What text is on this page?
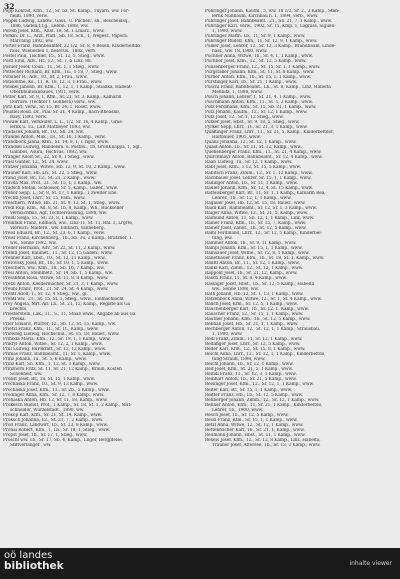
32
Popp Konrad, Kfm., 12., Sr. 53, St. Kamp., Tuyarn, ww. For-
heißl, 1890, verw.
Poppel Ludwig, Landw., Gaul., U. Puchen', sh., Bescheidsq.,
1886, Gaden.t.t.g., Lebbn. 1888, ww.
Poreib Josef, Kfm., Altst. 18, St. 1 Lmarz., www.
Porkin. Dr. L., Arzt, Pfäff., Sb. 18, Sch., 1, Wegesr., Papora.
Marching 1892, ww.
Porter Franz, Bahnbeamter, 22 1/2, Sr. 8, 4 Besen, Kinderbeltdo
raus, Wiebesteil 1, nesevus., 1882, verb.
Postel Paul, Tischler, 15., St. 12, 5, Stieg., www.
Postl Emil, Adv., Hf., 12., St. 7, 5 Linz, 88.
Posuer Josef, Coun., 11., St. 1, 1 Stieg., www.
Pottecher Richard, Br. Kfm., 1u., 1 18, 7, Stieg., www.
Potsiher R., Adv., 10., 8f, 2, Frau., www.
Potisonthe, Ks., 11. R. 18, 12, 3, 1 Frau., www.
Potsbel Jahonn, Br. Kfm., 1, 12, 1, 1 Kamp., Stianka, Habeat-
Oberbbunisanbaues, 1911, verw.
Potter Karl, Sr. 9, 1, Kfm., Sr. 21, Sr. 3, Kamp., Kamarin
Dorrare. (Tochter f. Gonnera) verw., ww.
Potz Karl, Verw., Sr. 15, Br. 24, 1, Roser, www.
Poudlel Rosd. Dr., Plai. Sr. 21, 4 Kamp., Bach-Rheasnb,
Bavy, 1893, verw.
Powale Karl, Verkaufer, L. L., 1/2, Sr. 16, 4 Kamp., Grüs-
lerkk u. 1u., Luft Mattleyer 1893, ww.
Prädacek Johann, Br., 10., Sb. 24, ww.
Prandel Anton, Mak., 18., St. 16, 1 Kamp., verw.
Prandböck Janna, Kfm., St. 14, 8, 1, 1 ziger, www.
Prandsel Ludwig, Handelsm. u. Postbü., 1b, GroßKnappa, 1, Sgl.,
Gallibos, Asura, Teichvas, 1892, ww.
Pranger Adolf, Sr., 22, Sr. 9, 1 Stieg., www.
Prasl Gunter, 12., St. 24, www.
Pratzer Johanna, Witwe, Hb. 12, 9, St. 10, 2 Kamp., www.
Prauner Karl, Hb. Lh., St. 22, 5 Stieg., www.
Prand Josef, Br., 12., St. 21, 2 Kamp., www.
Pravda Max, Prof., 21., St. 15, 1, 1 Kamp., ww.
Pradsch Stefan, Schlosser, Sr. 5, Kamp., Gaßer., www.
Prebor Sepp, L., Sr. 8, St. 17, 1 Kamp., 1 zweiter Ehe.
Prechtl Josef, Lhrr., Sr. 15, Fam., www.
Preschern, Witwe, Hb. 21, St. 9, 13, St. 1, Stieg., www.
Predl Rup. Kfm., Ad. 8, St. 1b, 8, Kamp., Wb., Ruckseller
Vermächtnis, Agt, Tochtervassung, 1898, ww.
Preidl Sonja, 15., St. 23, 8, 1 Kamp., www.
Preinfalk Franz, Edlbach, ww., Linz-11, St. 11, Rnl. 3, Lrgrte,
Viereich. Maltere., ww. Edlbach, Vanneberg.
Preisl Eduard, Br., 12., St. 23, 6, 1 Kamp., verw.
Preisl Franz, Kirchenberg., 1b., Sb. 3u, 2 Kamp., Bratzner, 1.
ww., Sonne 1892, ww.
Preller Hermann, Adv., Sr. 22, St. 11, 2 Kamp., www.
Premtl Josef, Baumet., 11., Sr. 12, 15 Gaden., www.
Prenner Karl, Lbst., 10., St. 12, 11 Kamp., www.
Prerovsky Josef, Br., 1b., Sr. 10, 1, 5 Kamp., www.
Preschern, ww., Kfm., 18., Sb. 16, 7 Kamp., ww.
Presl Anton, Steinmetz., Sr. 14, Sb. 1, 5 Kamp., ww.
Pressbhnd Rosa, Witwe, St. 11, 8, 8 Kamp., www.
Pretzl Anton, Kleidermacher, Sr. 21, 3, 1 Kamp., www.
Preuhl Franz, Prof., 21, Sr. 24, St. 4 Kamp., www.
Prentl Adolf, 1., Sr. 12, 4 Stieg., ww., gl.
Prentl ww., 21., St. 15, St. 1, Stieg., www., Einmachlacht
Prey Angela, Mrt. Ad. Ln., St. 21, 12, Kamp., Registe als Ga
brechts.
Priesterstein, Lak., 11., S., 11, Staab www., Angabe ab aus Ga
Preska.
Prier Eduard, Pfarrer, 12., Sb. 12, St. 15, Kamp., ww.
Prietzl Franz, Kfm., 11., St. 1t., Kamp., www.
Priewnig Ludwig, Hochschul., St. 15, 18, Bauer., www.
Prihoda Maria, Kfm., 12., Sr. 19, 1, 1 Kamp., www.
Prikryl Anton, Witbe., Sr. 12, 2, 1 Kamp., www.
Prill Ludwig, Bürokraft., Sr. 12, 12 Kamp., www.
Primas Franz, Bahnbeamt., 11, Sr. 1, Kamp., www.
Prinz Johann, 1u., St. 5, 6 Kamp., www.
Prinz Karl, Sn. Kfm., 1, 12, St. 3 Kamp., www.
Prinzhorn Fritz, St. 11, Sr. 21, 12 Kamp., Braun, Kosten
Schönheit, ww.
Probst Josef, Br., 18, St. 15, 1 Kamp., www.
Prochaska Franz, 10., St. 9, 13 Kamp., www.
Prochaska Josef, Kfm., 11., Sr. 2b., 5 Kamp., www.
Prodinger Anna, Kfm., Sr. 12, 7, 8 Kamp., www.
Prohaska Anton, Hb. 12, Sr. 11, 18, Kamp., www.
Prokesch Rudolf, Prof., 1 Kamp., Sr. 18, St. 1, 2 Kamp., Mut-
schneider, Wurzelstadt., 1890, ww.
Prokop Karl, Kfm., Sr. 21, St. 14, Kamp., www.
Proksch Johanna, 12., St. 21, 7, 2 Kamp., www.
Proll Franz, Landwirt, 1b., St. 23, 8 Kamp., www.
Pronai Robert, Kfm., 1, Lb., Sr. 18, 1, Stieg., www.
Propst Josef, 1b., Sr. 17, 1, Stieg., www.
Proschl ww. 1b., Sr. 17, Sb. 4, Kamp., Lnger, Bergpfeise,
Stiftverlänger., ww.
Pühringer Johann, Kaufm., 5, ww. 18 1/2, Sr. 2., 3 Kamp., Stah-
lerhk Nußbaum, Kirchbau n. 1, 1894, verb., www.
Pühringer Josef, Bahnbeamt., 21., Sb. 21, 7, 1 Kamp., www.
Pühringer Karl, Verw., 1902, Sr. 15, Kmp. 1, Lagrass, Siguen-
1, 1900, www.
Pühringer Matth. Lb., 11, Sr. 9, 1 Kamp., www.
Pühringer Rudolf, Kfm., 11, Sr. 12, 9, 1 Kamp., www.
Pulker Josef, Lehrer, 12., Sr. 12, 3 Kamp., Brandbaum, Linde-
nast., ww. 18, 1900, www.
Puchner Anna, Witwe, 1b., Sr. 4, 1, 1 Kamp., www.
Puchner Josef, Kfm., 12., St. 12, 5 Kamp., www.
Punzenberger Franz, 12., St. 15, Sr. 1, 1 Kamp., www.
Purgstaller Johann, Kfm., St. 11, St. 8 Kamp., www.
Purner Anton, Kfm., 1b., St. 15, 1, 1 Kamp., www.
Pürstinger Karl, 1b., Sr. 21, 1 Kamp., www.
Püschl Franz, Bahnbeamt., Lh., St. 8, Kamp., Linz, Habelta
Mehnitz, 1, 1898, www.
Pusch Johann, Lehrer, 1, St. 21, 4, 1 Kamp., www.
Puschmann Anton, Kfm., 11., St. 1, 2 Kamp., www.
Putz Ferdinand, Kfm., St. 15, Sb. 21, 1 Kamp., www.
Putz Johann, Kaufm., 12., Sr. 12, 1 Kamp., www.
Putz Josef, 12., Sr. 1, 12 Stieg., www.
Putzer Josef, Hbst., Sr. 9, 18, 5, Stieg., www.
Pyrker Sepp, Lhrr., 1t., Sr. 21, 3, 1 Kamp., www.
Qualtinger Franz, Lhrr., 11., Sr. 21, 5, Kamp., Kinderbeltdor,
Haltbauer, 1905, www.
Quanz Johanna, 12., St. 12, 1 Kamp., www.
Quast Anton, 1b., Sr. 11, St. 12, Kamp., www.
Quehenberger Franz, Kfm., 11., St. 21, 4 Kamp., www.
Quirchmayr Anton, Bahnbeamt., Sr. 12, 4 Kamp., www.
Raab Ludwig, 1u., Sr. 12, 1 Kamp., www.
Rabl Josef, Kfm., 1 12, St. 15, 5 Kamp., www.
Rabitsch Franz, Zimm., 12., Sr. 1, 12 Kamp., www.
Rachbauer Josef, Lehrer, Sr. 15, 1, 1 Kamp., www.
Radinger Anton, 1b., Sr. 11, 1 Kamp., www.
Radler Johann, Kfm., Sr. 12, 4, St. 15 Kamp., www.
Raffelsberger Karl, Br., 11, Sr. 1, 1 Kamp., Kamarin Rea,
Lehrer., 1b., Sr. 12, 1, 1 Kamp., www.
Ragailer Josef, Hb. 12, St. 15, 18, Bauer., www.
Raidl Karl, Bahnbeamt., Sr. 12, Sr. 1, 3 Kamp., www.
Raiger Anna, Witwe, 12., St. 21, 5, Kamp., www.
Raimund Anton, 11, Sb. 12, 1, 1 Kamp., Linz, www.
Rainer Franz, Kfm., 1b., Sr. 15, 7, Kamp., www.
Rainer Josef, Zahnt., 1b., St. 12, 5 Kamp., www.
Raml Ferdinand, Lhrr., 12., Sr. 12, 5 Kamp., Kinderbel-
tung, ww.
Rammer Anton, 1b., Sr. 9, 11 Kamp., www.
Rampl Johann, Kfm., Sr. 15, 1, 1 Kamp., www.
Ramsauer Josef, Witbe., Sr. 12, 8, 1 Kamp., www.
Ranetbauer Franz, Kfm., 1b., St. 18, St. 1, Kamp., www.
Ranftl Anton, Br., 11., Sr. 12, 1 Kamp., www.
Rankl Karl, Zimm., 12., St. 12, 1 Kamp., www.
Rappold Josef, 1b., Sr. 21, 12, Kamp., www.
Rasch Franz, 11, St. 8, 4 Kamp., www.
Rasinger Josef, Hbst., 1b., Sr. 12, 5 Kamp., Habelta
ww., Sonne 1898, ww.
Rath Johann, Hb. 12, St. 1, 13, 1 Kamp., www.
Ratzenböck Anna, Witwe, 12., Sr. 1, St. 4 Kamp., www.
Rauch Josef, Kfm., Sr. 12, 5, 1 Kamp., www.
Rauchenberger Karl, 1b., Sr. 12, 1, Kamp., www.
Rauscher Franz, 12., Sr. 15, 1, 1 Kamp., www.
Rautner Johann, Kfm., 1b., St. 12, 5 Kamp., www.
Rebhan Josef, Hb., Sr. 21, 1, 1 Kamp., www.
Rechberger Anton, 12., St. 12, 1, 1 Kamp., Strausbau,
1, 1900, www.
Redl Franz, Zimm., 11, Sr. 12, 1 Kamp., www.
Redlinger Josef, Lhrr., Sr. 12, 5 Kamp., www.
Reder Karl, Kfm., 12., St. 15, 8, 1 Kamp., www.
Reichl Anna, Lhrr., 12., Sr. 12, 1, 1 Kamp., Kinderbeltdo,
tung Strauß, 1898, www.
Reichl Johann, 1b., Sr. 12, 1 Kamp., www.
Reif Josef, Kfm., St. 21, 5, 1 Kamp., www.
Reindl Franz, 11., Sr. 12, 3, 1 Kamp., www.
Reinhart Anton, 1b., Sr. 21, 5 Kamp., www.
Reisinger Josef, Kfm., 12., Sr. 12, 1, 1 Kamp., www.
Reiter Karl, Br., Sr. 15, 1, 1 Kamp., www.
Reitter Franz, Hb., 1b., St. 12, 5 Kamp., www.
Rehberger Johann, Zimm., 12., Sr. 12, 1 Kamp., www.
Renner Anton, Kfm., 11, Sr. 21, 1 Kamp., Kinderbeltdo,
Lehrer, 1b., 1900, www.
Resch Josef, 1b., Sr. 12, 5 Kamp., www.
Ressl Franz, Kfm., Sr. 15, 1, 1 Kamp., www.
Retzl Anna, Witwe, 12., St. 12, 1 Kamp., www.
Rettenbacher Karl, 1b., Sr. 21, 1, Kamp., www.
Reumann Johann, Hbst., St. 11, 1 Kamp., www.
Rexeis Josef, Kfm., 12., Sr. 12, 8 Kamp., Linz, Habelta,
Trauner Josef, Attersee, 1b., Sr. 13, 2 Kamp., www.
oö landes
bibliothek	inhalte viewer
